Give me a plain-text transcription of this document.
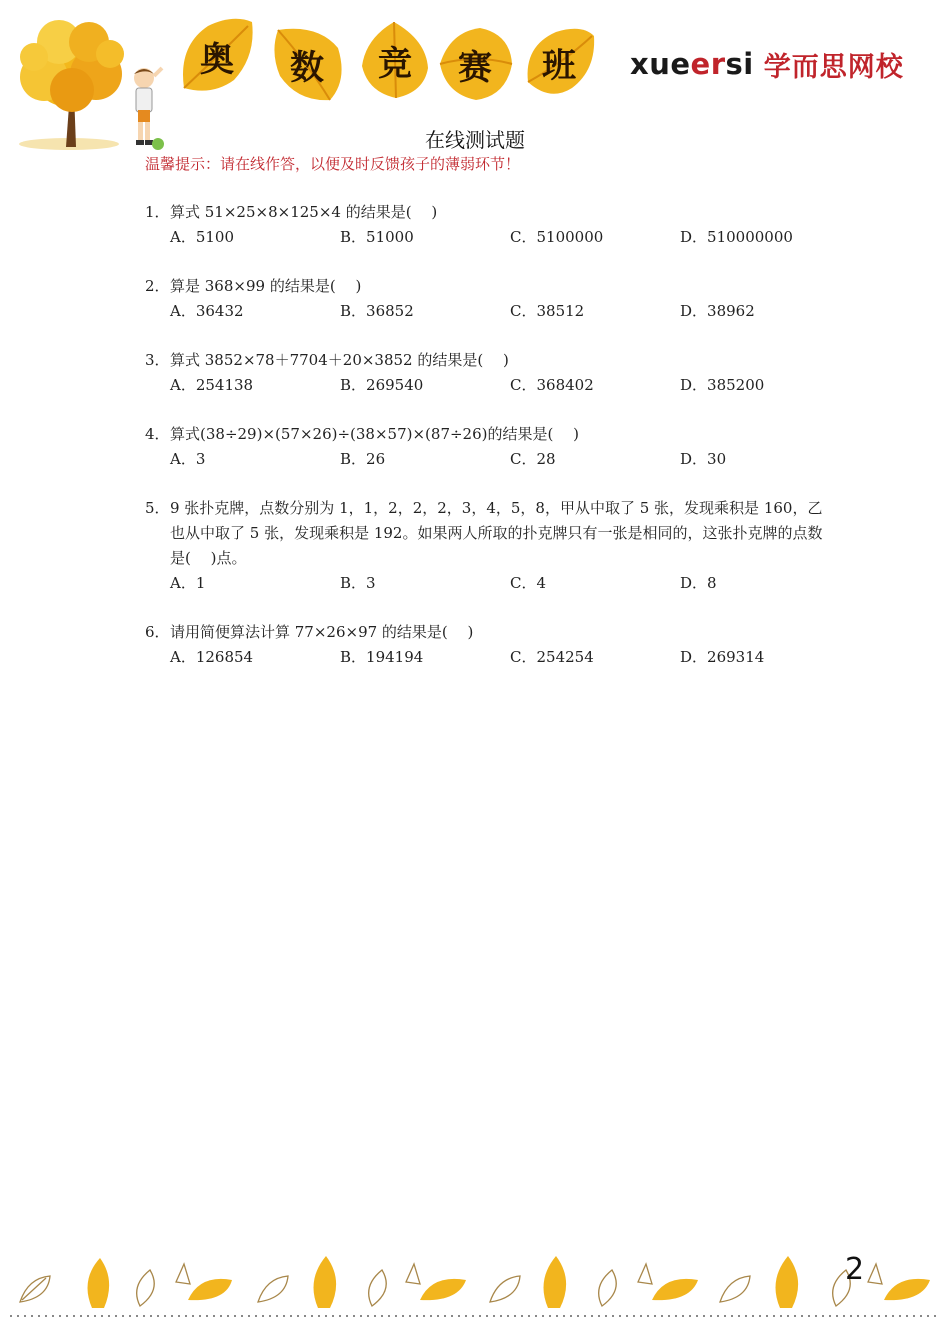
奥	数	竞	赛	班	xueersi 学而思网校
在线测试题
温馨提示：请在线作答，以便及时反馈孩子的薄弱环节！
1． 算式 51×25×8×125×4 的结果是(　 )
A．5100	B．51000	C．5100000	D．510000000
2． 算是 368×99 的结果是(　 )
A．36432	B．36852	C．38512	D．38962
3． 算式 3852×78＋7704＋20×3852 的结果是(　 )
A．254138	B．269540	C．368402	D．385200
4． 算式(38÷29)×(57×26)÷(38×57)×(87÷26)的结果是(　 )
A．3	B．26	C．28	D．30
5． 9 张扑克牌，点数分别为 1，1，2，2，2，3，4，5，8，甲从中取了 5 张，发现乘积是 160，乙也从中取了 5 张，发现乘积是 192。如果两人所取的扑克牌只有一张是相同的，这张扑克牌的点数是(　 )点。
A．1	B．3	C．4	D．8
6． 请用简便算法计算 77×26×97 的结果是(　 )
A．126854	B．194194	C．254254	D．269314
2
